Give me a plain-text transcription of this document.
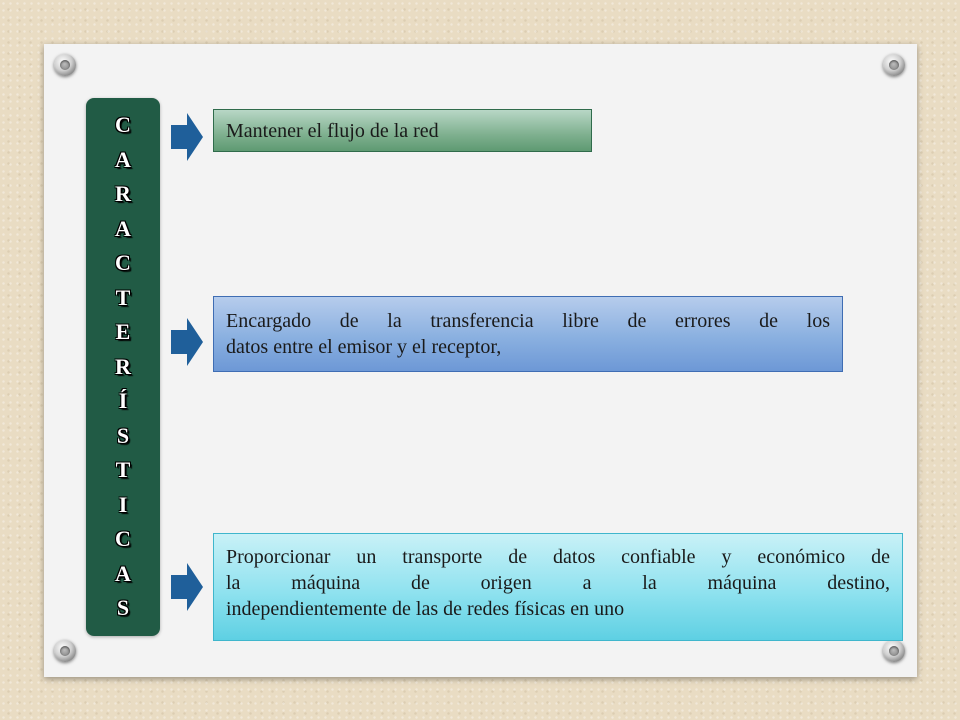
C
A
R
A
C
T
E
R
Í
S
T
I
C
A
S
Mantener el flujo de la red
Encargado de la transferencia libre de errores de los
datos entre el emisor y el receptor,
Proporcionar un transporte de datos confiable y económico de
la máquina de origen a la máquina destino,
independientemente de las de redes físicas en uno
